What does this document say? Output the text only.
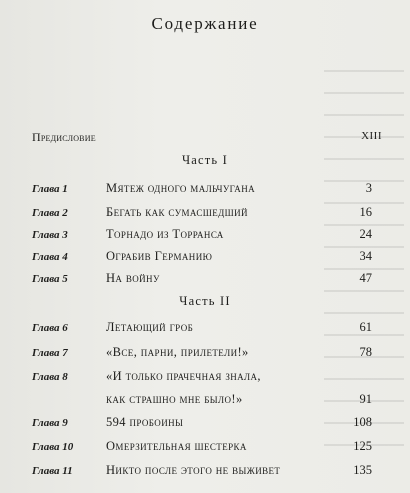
Содержание
Предисловие	XIII
Часть I
Глава 1	Мятеж одного мальчугана	3
Глава 2	Бегать как сумасшедший	16
Глава 3	Торнадо из Торранса	24
Глава 4	Ограбив Германию	34
Глава 5	На войну	47
Часть II
Глава 6	Летающий гроб	61
Глава 7	«Все, парни, прилетели!»	78
Глава 8	«И только прачечная знала,
как страшно мне было!»	91
Глава 9	594 пробоины	108
Глава 10	Омерзительная шестерка	125
Глава 11	Никто после этого не выживет	135
